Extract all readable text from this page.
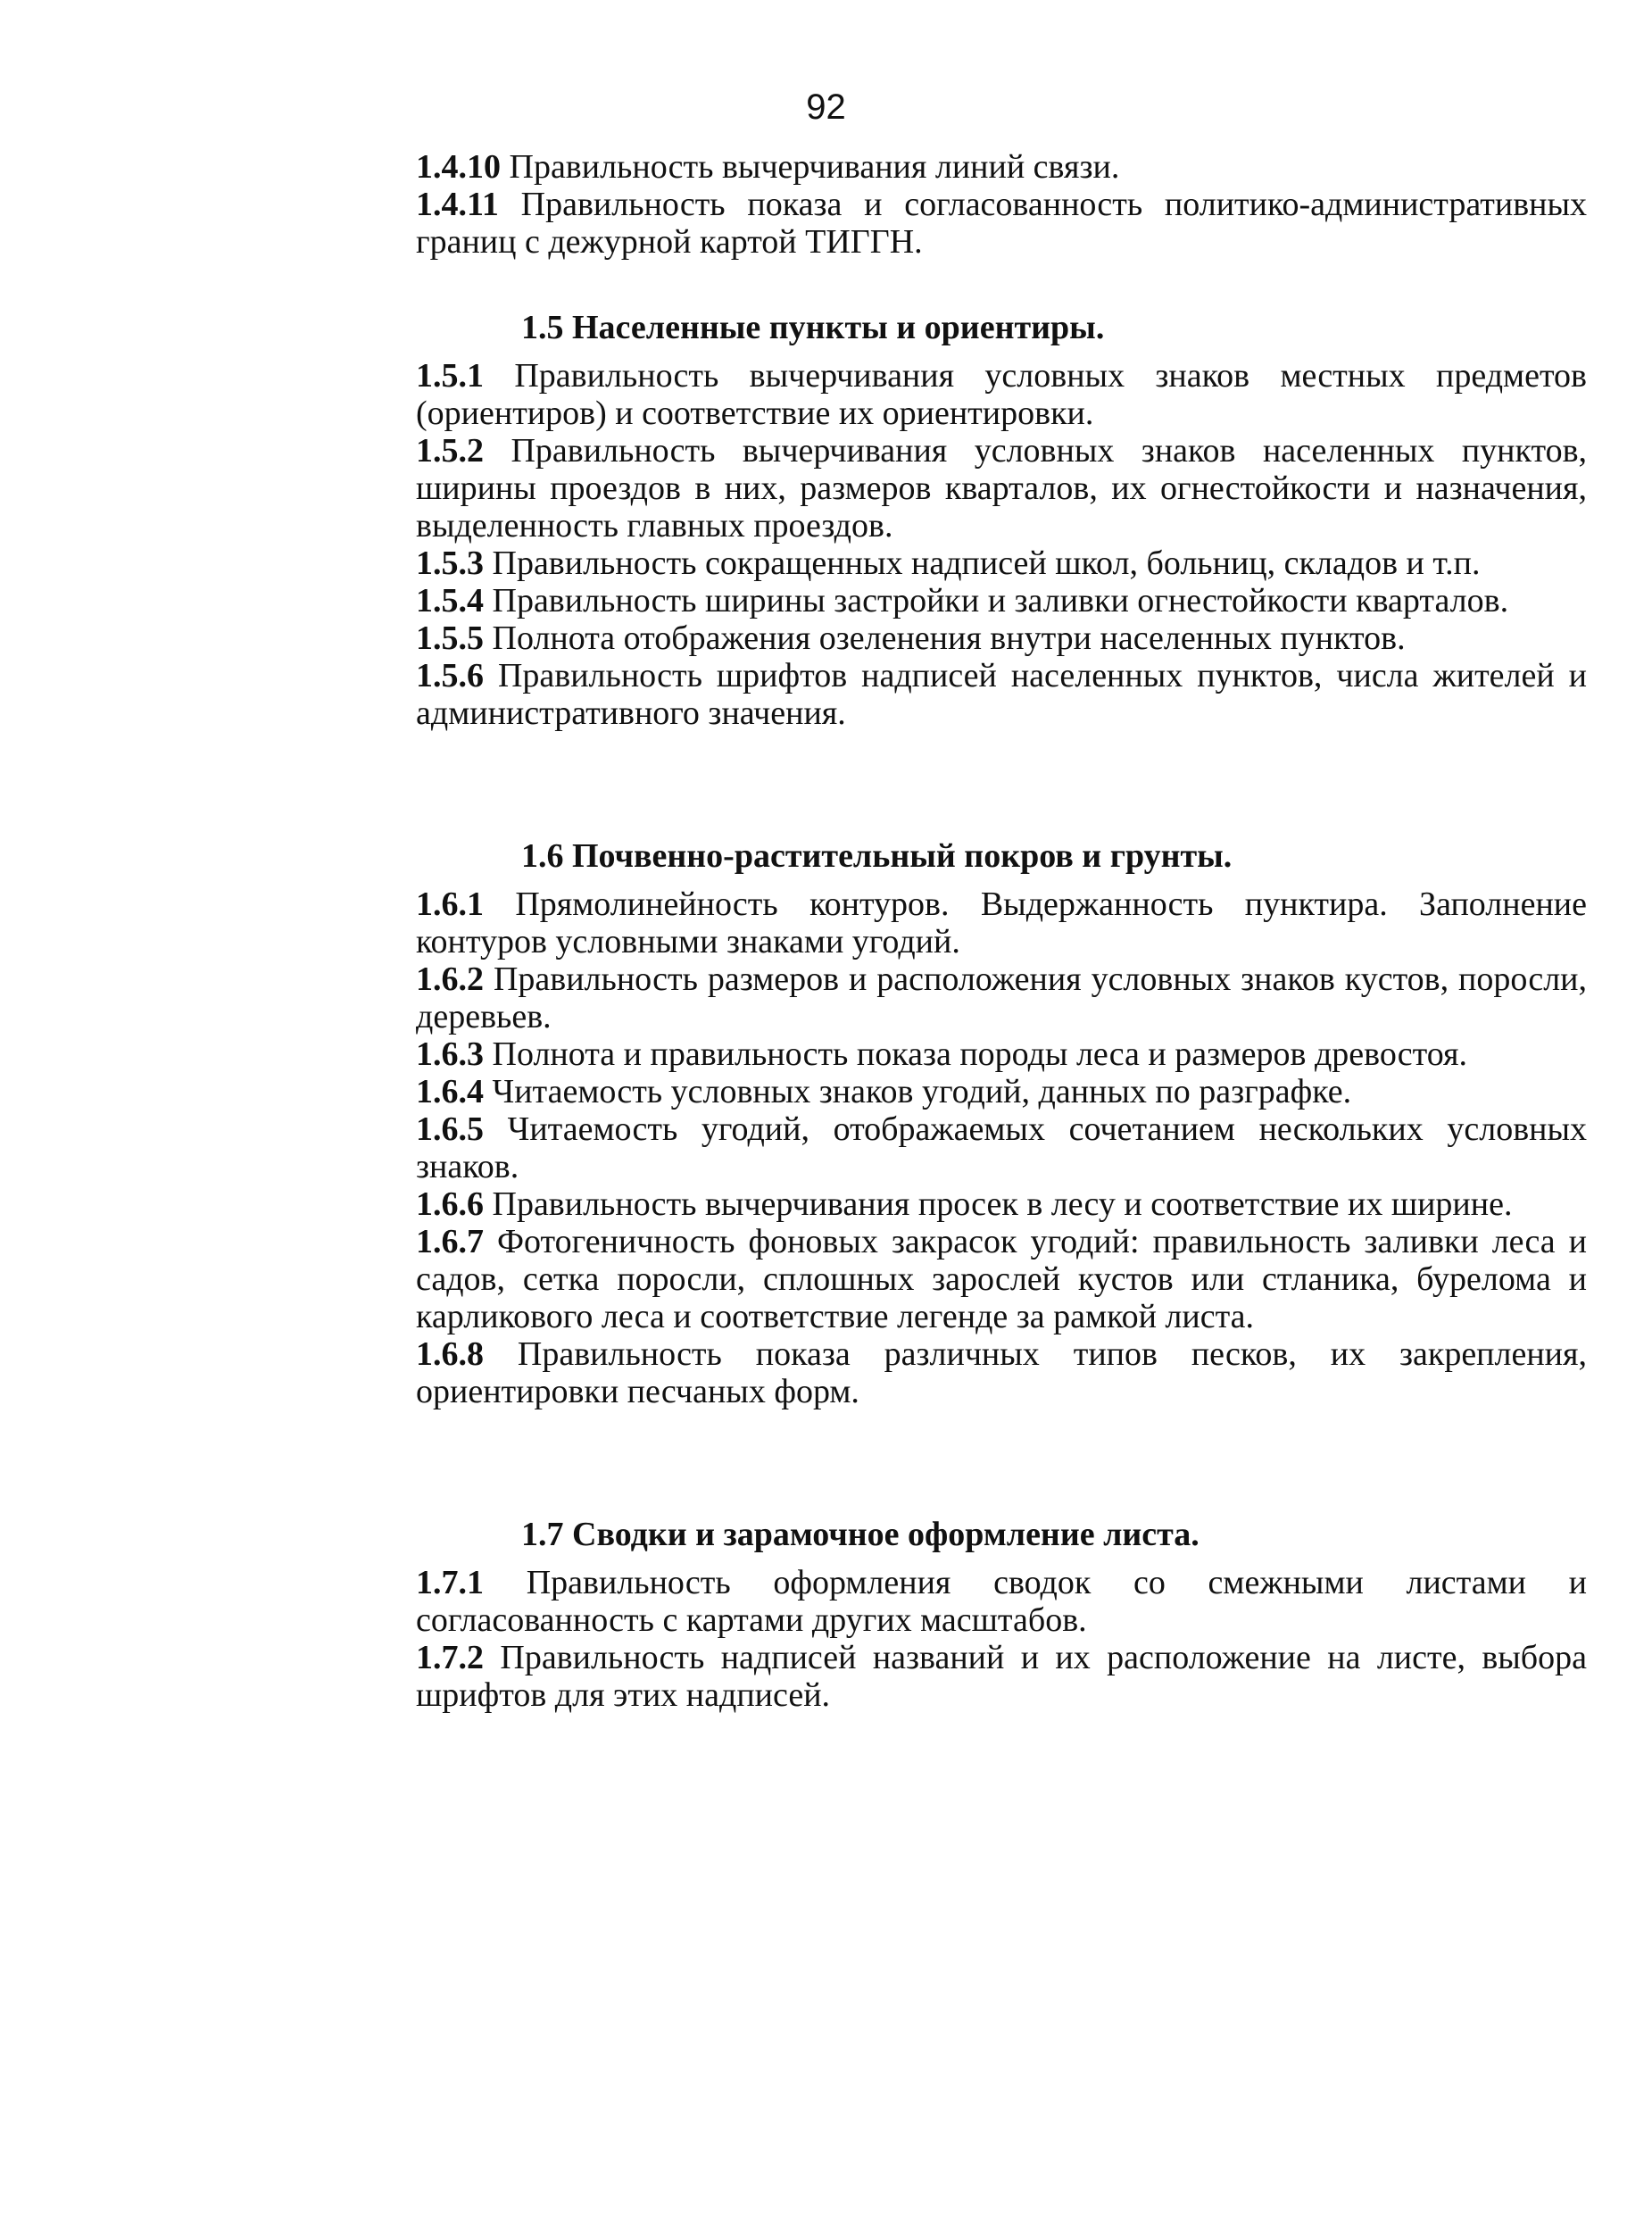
92

1.4.10 Правильность вычерчивания линий связи.

1.4.11 Правильность показа и согласованность политико-административных границ с дежурной картой ТИГГН.

1.5 Населенные пункты и ориентиры.

1.5.1 Правильность вычерчивания условных знаков местных предметов (ориентиров) и соответствие их ориентировки.

1.5.2 Правильность вычерчивания условных знаков населенных пунктов, ширины проездов в них, размеров кварталов, их огнестойкости и назначения, выделенность главных проездов.

1.5.3 Правильность сокращенных надписей школ, больниц, складов и т.п.

1.5.4 Правильность ширины застройки и заливки огнестойкости кварталов.

1.5.5 Полнота отображения озеленения внутри населенных пунктов.

1.5.6 Правильность шрифтов надписей населенных пунктов, числа жителей и административного значения.

1.6 Почвенно-растительный покров и грунты.

1.6.1 Прямолинейность контуров. Выдержанность пунктира. Заполнение контуров условными знаками угодий.

1.6.2 Правильность размеров и расположения условных знаков кустов, поросли, деревьев.

1.6.3 Полнота и правильность показа породы леса и размеров древостоя.

1.6.4 Читаемость условных знаков угодий, данных по разграфке.

1.6.5 Читаемость угодий, отображаемых сочетанием нескольких условных знаков.

1.6.6 Правильность вычерчивания просек в лесу и соответствие их ширине.

1.6.7 Фотогеничность фоновых закрасок угодий: правильность заливки леса и садов, сетка поросли, сплошных зарослей кустов или стланика, бурелома и карликового леса и соответствие легенде за рамкой листа.

1.6.8 Правильность показа различных типов песков, их закрепления, ориентировки песчаных форм.

1.7 Сводки и зарамочное оформление листа.

1.7.1 Правильность оформления сводок со смежными листами и согласованность с картами других масштабов.

1.7.2 Правильность надписей названий и их расположение на листе, выбора шрифтов для этих надписей.
